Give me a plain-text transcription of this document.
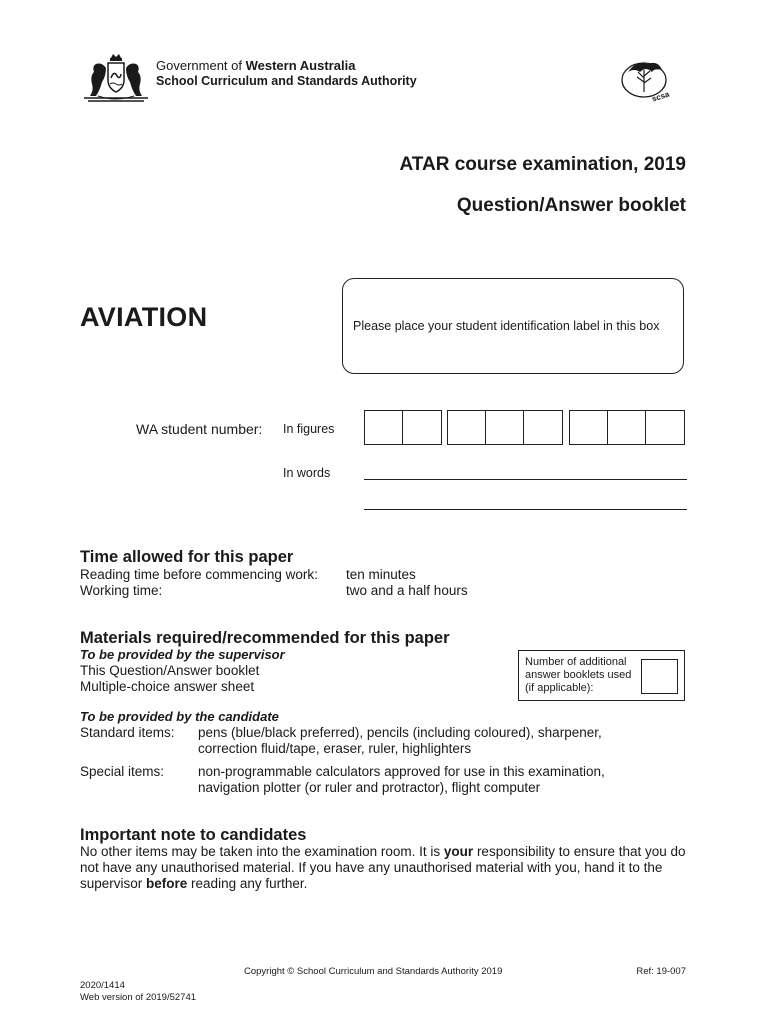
Government of Western Australia
School Curriculum and Standards Authority
scsa
ATAR course examination, 2019
Question/Answer booklet
AVIATION	Please place your student identification label in this box
WA student number: In figures
In words
Time allowed for this paper
Reading time before commencing work: ten minutes
Working time:	two and a half hours
Materials required/recommended for this paper
To be provided by the supervisor
This Question/Answer booklet
Multiple-choice answer sheet
Number of additional
answer booklets used
(if applicable):
To be provided by the candidate
Standard items: pens (blue/black preferred), pencils (including coloured), sharpener,
correction fluid/tape, eraser, ruler, highlighters
Special items:	non-programmable calculators approved for use in this examination,
navigation plotter (or ruler and protractor), flight computer
Important note to candidates
No other items may be taken into the examination room. It is your responsibility to ensure that you do not have any unauthorised material. If you have any unauthorised material with you, hand it to the supervisor before reading any further.
Copyright © School Curriculum and Standards Authority 2019	Ref: 19-007
2020/1414
Web version of 2019/52741
